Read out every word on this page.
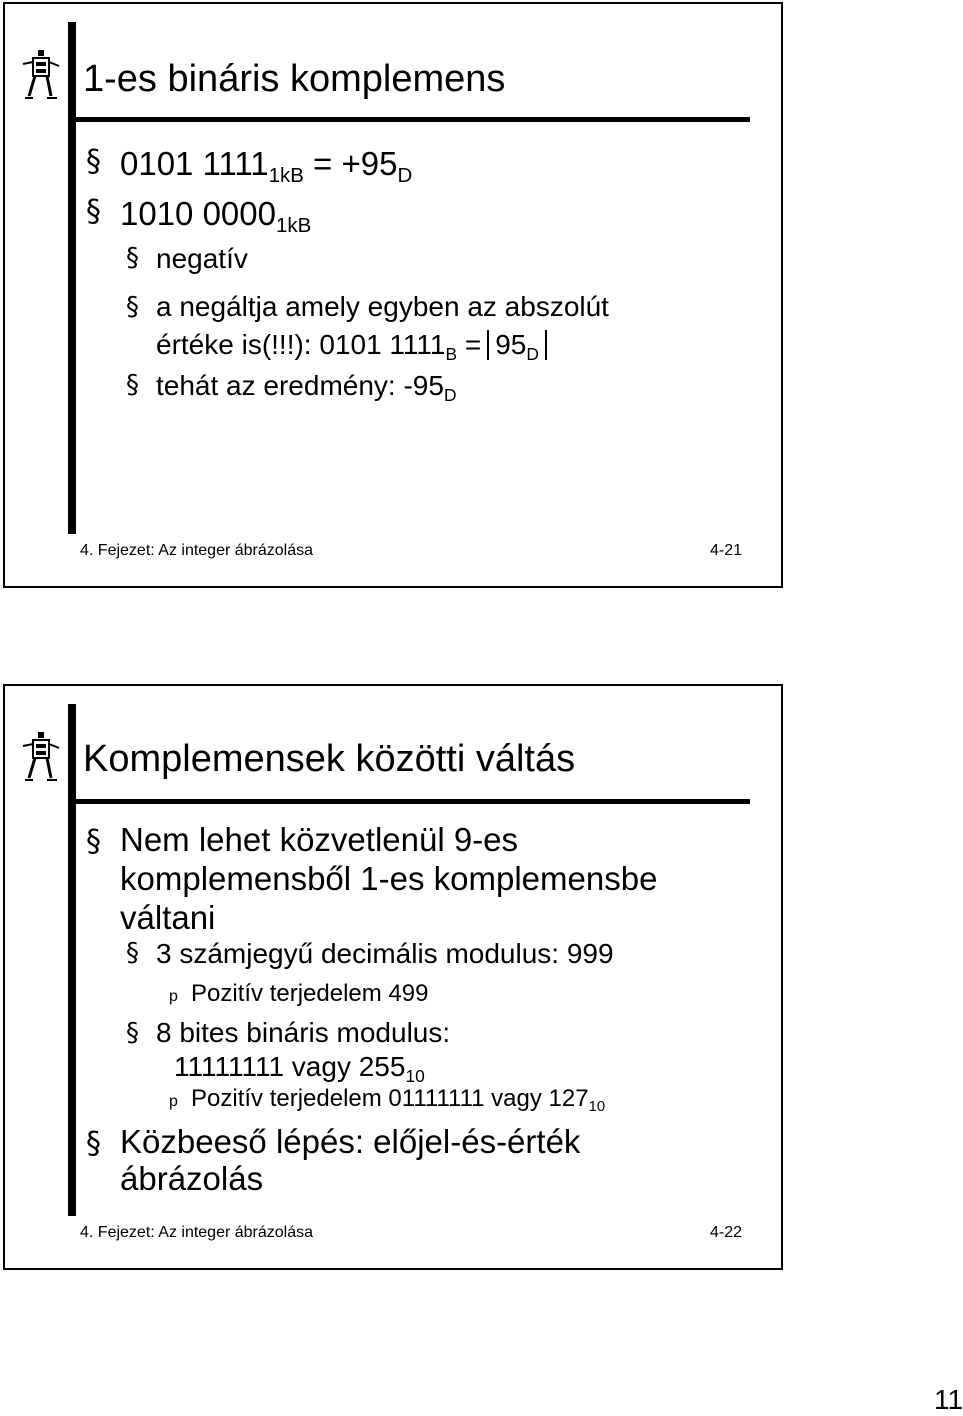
1-es bináris komplemens
§ 0101 $1111_{1kB} = +95_D$
§ 1010 $0000_{1kB}$
§ negatív
§ a negáltja amely egyben az abszolút
értéke is(!!!): 0101 $1111_B = 95_D$
§ tehát az eredmény: $-95_D$
4. Fejezet: Az integer ábrázolása	4-21
Komplemensek közötti váltás
§ Nem lehet közvetlenül 9-es
komplemensből 1-es komplemensbe
váltani
§ 3 számjegyű decimális modulus: 999
p Pozitív terjedelem 499
§ 8 bites bináris modulus:
11111111 vagy $255_{10}$
p Pozitív terjedelem 01111111 vagy $127_{10}$
§ Közbeeső lépés: előjel-és-érték
ábrázolás
4. Fejezet: Az integer ábrázolása	4-22
11
